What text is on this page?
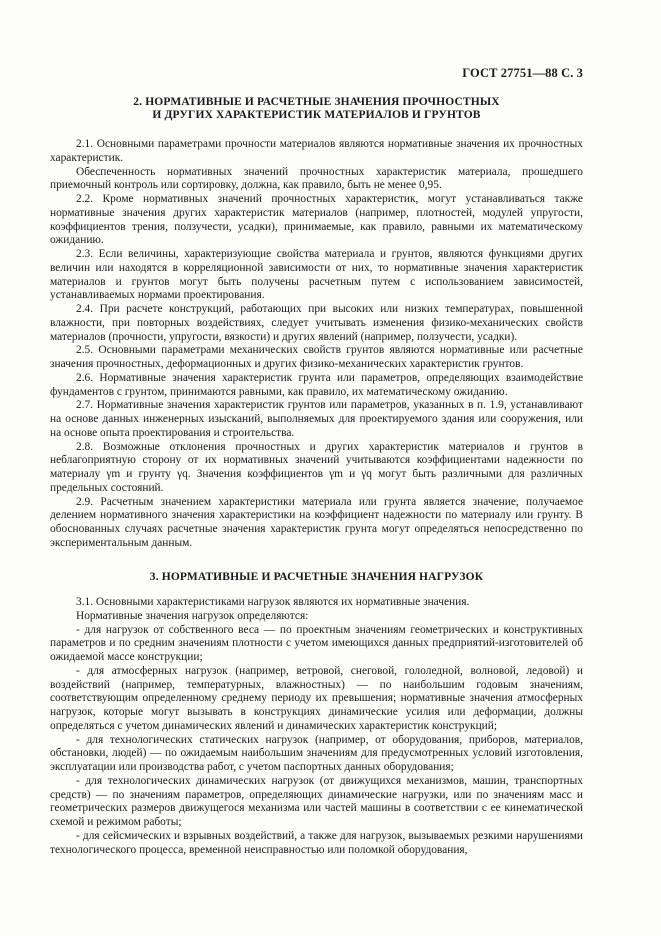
ГОСТ 27751—88 С. 3
2. НОРМАТИВНЫЕ И РАСЧЕТНЫЕ ЗНАЧЕНИЯ ПРОЧНОСТНЫХ
И ДРУГИХ ХАРАКТЕРИСТИК МАТЕРИАЛОВ И ГРУНТОВ

2.1. Основными параметрами прочности материалов являются нормативные значения их прочностных характеристик.

Обеспеченность нормативных значений прочностных характеристик материала, прошедшего приемочный контроль или сортировку, должна, как правило, быть не менее 0,95.

2.2. Кроме нормативных значений прочностных характеристик, могут устанавливаться также нормативные значения других характеристик материалов (например, плотностей, модулей упругости, коэффициентов трения, ползучести, усадки), принимаемые, как правило, равными их математическому ожиданию.

2.3. Если величины, характеризующие свойства материала и грунтов, являются функциями других величин или находятся в корреляционной зависимости от них, то нормативные значения характеристик материалов и грунтов могут быть получены расчетным путем с использованием зависимостей, устанавливаемых нормами проектирования.

2.4. При расчете конструкций, работающих при высоких или низких температурах, повышенной влажности, при повторных воздействиях, следует учитывать изменения физико-механических свойств материалов (прочности, упругости, вязкости) и других явлений (например, ползучести, усадки).

2.5. Основными параметрами механических свойств грунтов являются нормативные или расчетные значения прочностных, деформационных и других физико-механических характеристик грунтов.

2.6. Нормативные значения характеристик грунта или параметров, определяющих взаимодействие фундаментов с грунтом, принимаются равными, как правило, их математическому ожиданию.

2.7. Нормативные значения характеристик грунтов или параметров, указанных в п. 1.9, устанавливают на основе данных инженерных изысканий, выполняемых для проектируемого здания или сооружения, или на основе опыта проектирования и строительства.

2.8. Возможные отклонения прочностных и других характеристик материалов и грунтов в неблагоприятную сторону от их нормативных значений учитываются коэффициентами надежности по материалу γm и грунту γq. Значения коэффициентов γm и γq могут быть различными для различных предельных состояний.

2.9. Расчетным значением характеристики материала или грунта является значение, получаемое делением нормативного значения характеристики на коэффициент надежности по материалу или грунту. В обоснованных случаях расчетные значения характеристик грунта могут определяться непосредственно по экспериментальным данным.

3. НОРМАТИВНЫЕ И РАСЧЕТНЫЕ ЗНАЧЕНИЯ НАГРУЗОК

3.1. Основными характеристиками нагрузок являются их нормативные значения.

Нормативные значения нагрузок определяются:

- для нагрузок от собственного веса — по проектным значениям геометрических и конструктивных параметров и по средним значениям плотности с учетом имеющихся данных предприятий-изготовителей об ожидаемой массе конструкции;

- для атмосферных нагрузок (например, ветровой, снеговой, гололедной, волновой, ледовой) и воздействий (например, температурных, влажностных) — по наибольшим годовым значениям, соответствующим определенному среднему периоду их превышения; нормативные значения атмосферных нагрузок, которые могут вызывать в конструкциях динамические усилия или деформации, должны определяться с учетом динамических явлений и динамических характеристик конструкций;

- для технологических статических нагрузок (например, от оборудования, приборов, материалов, обстановки, людей) — по ожидаемым наибольшим значениям для предусмотренных условий изготовления, эксплуатации или производства работ, с учетом паспортных данных оборудования;

- для технологических динамических нагрузок (от движущихся механизмов, машин, транспортных средств) — по значениям параметров, определяющих динамические нагрузки, или по значениям масс и геометрических размеров движущегося механизма или частей машины в соответствии с ее кинематической схемой и режимом работы;

- для сейсмических и взрывных воздействий, а также для нагрузок, вызываемых резкими нарушениями технологического процесса, временной неисправностью или поломкой оборудования,
